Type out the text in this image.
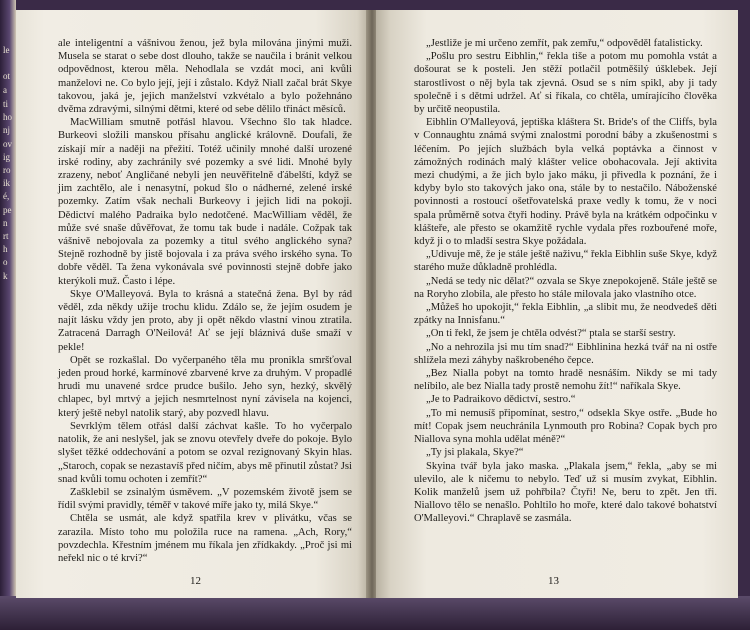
le
ot
a
ti
ho
nj
ov
ig
ro
ik
é,
pe
n
rt
h
o
k

ale inteligentní a vášnivou ženou, jež byla milována jinými muži. Musela se starat o sebe dost dlouho, takže se naučila i bránit velkou odpovědnost, kterou měla. Nehodlala se vzdát moci, ani kvůli manželovi ne. Co bylo její, její i zůstalo. Když Niall začal brát Skye takovou, jaká je, jejich manželství vzkvétalo a bylo požehnáno dvěma zdravými, silnými dětmi, které od sebe dělilo třináct měsíců.

MacWilliam smutně potřásl hlavou. Všechno šlo tak hladce. Burkeovi složili manskou přísahu anglické královně. Doufali, že získají mír a naději na přežití. Totéž učinily mnohé další urozené irské rodiny, aby zachránily své pozemky a své lidi. Mnohé byly zrazeny, neboť Angličané nebyli jen neuvěřitelně ďábelští, když se jim zachtělo, ale i nenasytní, pokud šlo o nádherné, zelené irské pozemky. Zatím však nechali Burkeovy i jejich lidi na pokoji. Dědictví malého Padraika bylo nedotčené. MacWilliam věděl, že může své snaše důvěřovat, že tomu tak bude i nadále. Cožpak tak vášnivě nebojovala za pozemky a titul svého anglického syna? Stejně rozhodně by jistě bojovala i za práva svého irského syna. To dobře věděl. Ta žena vykonávala své povinnosti stejně dobře jako kterýkoli muž. Často i lépe.

Skye O'Malleyová. Byla to krásná a statečná žena. Byl by rád věděl, zda někdy užije trochu klidu. Zdálo se, že jejím osudem je najít lásku vždy jen proto, aby ji opět někdo vlastní vinou ztratila. Zatracená Darragh O'Neilová! Ať se její bláznivá duše smaží v pekle!

Opět se rozkašlal. Do vyčerpaného těla mu pronikla smršťoval jeden proud horké, karmínové zbarvené krve za druhým. V propadlé hrudi mu unavené srdce prudce bušilo. Jeho syn, hezký, skvělý chlapec, byl mrtvý a jejich nesmrtelnost nyní závisela na kojenci, který ještě nebyl natolik starý, aby pozvedl hlavu.

Sevrklým tělem otřásl další záchvat kašle. To ho vyčerpalo natolik, že ani neslyšel, jak se znovu otevřely dveře do pokoje. Bylo slyšet těžké oddechování a potom se ozval rezignovaný Skyin hlas. „Staroch, copak se nezastavíš před ničím, abys mě přinutil zůstat? Jsi snad kvůli tomu ochoten i zemřít?“

Zašklebil se zsinalým úsměvem. „V pozemském životě jsem se řídil svými pravidly, téměř v takové míře jako ty, milá Skye.“

Chtěla se usmát, ale když spatřila krev v plivátku, včas se zarazila. Místo toho mu položila ruce na ramena. „Ach, Rory,“ povzdechla. Křestním jménem mu říkala jen zřídkakdy. „Proč jsi mi neřekl nic o té krvi?“

12

„Jestliže je mi určeno zemřít, pak zemřu,“ odpověděl fatalisticky.

„Pošlu pro sestru Eibhlin,“ řekla tiše a potom mu pomohla vstát a došourat se k posteli. Jen stěží potlačil potměšilý úšklebek. Její starostlivost o něj byla tak zjevná. Osud se s ním spikl, aby ji tady společně i s dětmi udržel. Ať si říkala, co chtěla, umírajícího člověka by určitě neopustila.

Eibhlin O'Malleyová, jeptiška kláštera St. Bride's of the Cliffs, byla v Connaughtu známá svými znalostmi porodní báby a zkušenostmi s léčením. Po jejích službách byla velká poptávka a činnost v zámožných rodinách malý klášter velice obohacovala. Její aktivita mezi chudými, a že jich bylo jako máku, ji přivedla k poznání, že i kdyby bylo sto takových jako ona, stále by to nestačilo. Náboženské povinnosti a rostoucí ošetřovatelská praxe vedly k tomu, že v noci spala průměrně sotva čtyři hodiny. Právě byla na krátkém odpočinku v klášteře, ale přesto se okamžitě rychle vydala přes rozbouřené moře, když ji o to mladší sestra Skye požádala.

„Udivuje mě, že je stále ještě naživu,“ řekla Eibhlin suše Skye, když starého muže důkladně prohlédla.

„Nedá se tedy nic dělat?“ ozvala se Skye znepokojeně. Stále ještě se na Roryho zlobila, ale přesto ho stále milovala jako vlastního otce.

„Můžeš ho upokojit,“ řekla Eibhlin, „a slibit mu, že neodvedeš děti zpátky na Innisfanu.“

„On ti řekl, že jsem je chtěla odvést?“ ptala se starší sestry.

„No a nehrozila jsi mu tím snad?“ Eibhlinina hezká tvář na ni ostře shlížela mezi záhyby naškrobeného čepce.

„Bez Nialla pobyt na tomto hradě nesnáším. Nikdy se mi tady nelíbilo, ale bez Nialla tady prostě nemohu žít!“ naříkala Skye.

„Je to Padraikovo dědictví, sestro.“

„To mi nemusíš připomínat, sestro,“ odsekla Skye ostře. „Bude ho mít! Copak jsem neuchránila Lynmouth pro Robina? Copak bych pro Niallova syna mohla udělat méně?“

„Ty jsi plakala, Skye?“

Skyina tvář byla jako maska. „Plakala jsem,“ řekla, „aby se mi ulevilo, ale k ničemu to nebylo. Teď už si musím zvykat, Eibhlin. Kolik manželů jsem už pohřbila? Čtyři! Ne, beru to zpět. Jen tři. Niallovo tělo se nenašlo. Pohltilo ho moře, které dalo takové bohatství O'Malleyovi.“ Chraplavě se zasmála.

13
